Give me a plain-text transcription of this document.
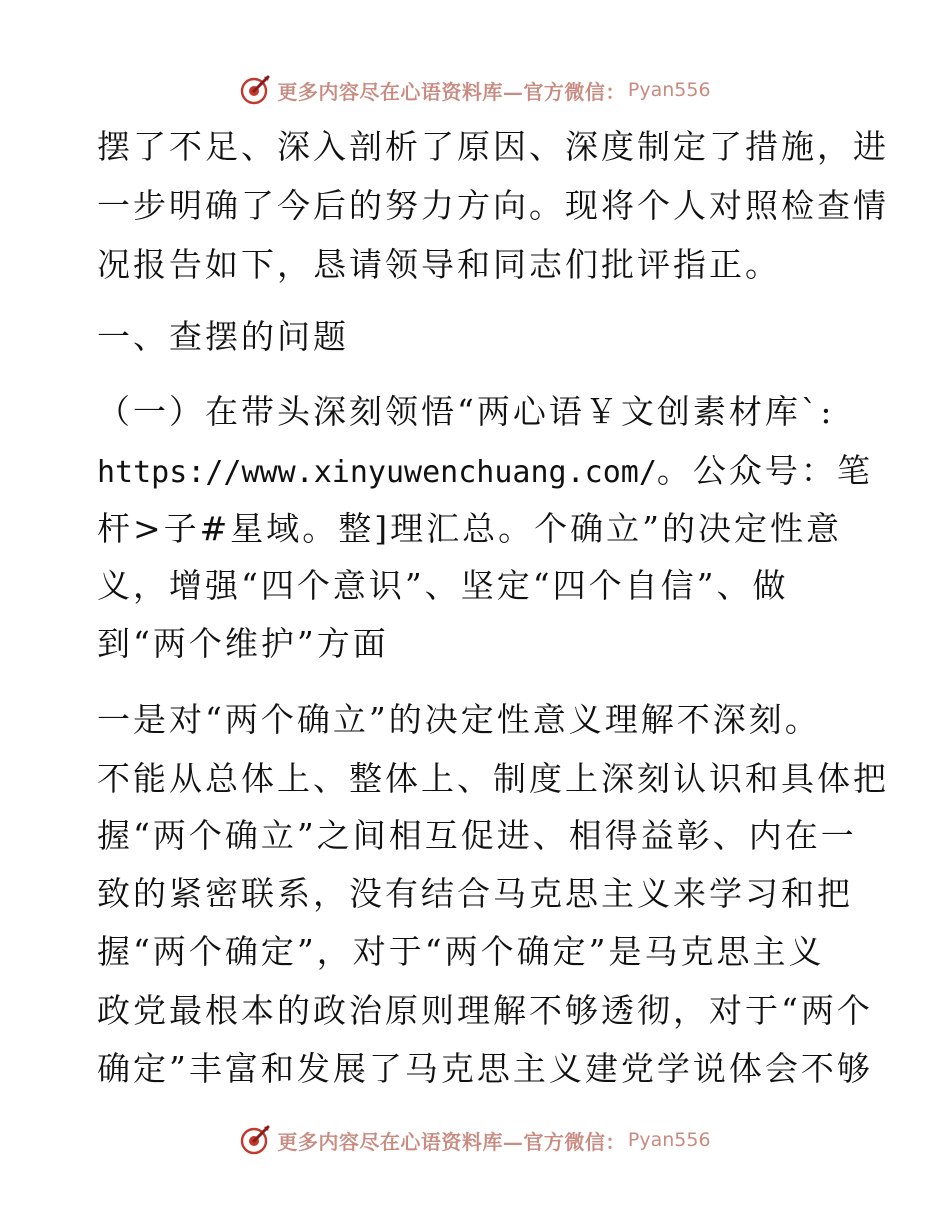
更多内容尽在心语资料库—官方微信： Pyan556
摆了不足、深入剖析了原因、深度制定了措施，进
一步明确了今后的努力方向。现将个人对照检查情
况报告如下，恳请领导和同志们批评指正。
一、查摆的问题
（一）在带头深刻领悟“两心语￥文创素材库`:
https://www.xinyuwenchuang.com/。公众号：笔
杆>子#星域。整]理汇总。个确立”的决定性意
义，增强“四个意识”、坚定“四个自信”、做
到“两个维护”方面
一是对“两个确立”的决定性意义理解不深刻。
不能从总体上、整体上、制度上深刻认识和具体把
握“两个确立”之间相互促进、相得益彰、内在一
致的紧密联系，没有结合马克思主义来学习和把
握“两个确定”，对于“两个确定”是马克思主义
政党最根本的政治原则理解不够透彻，对于“两个
确定”丰富和发展了马克思主义建党学说体会不够
更多内容尽在心语资料库—官方微信： Pyan556
